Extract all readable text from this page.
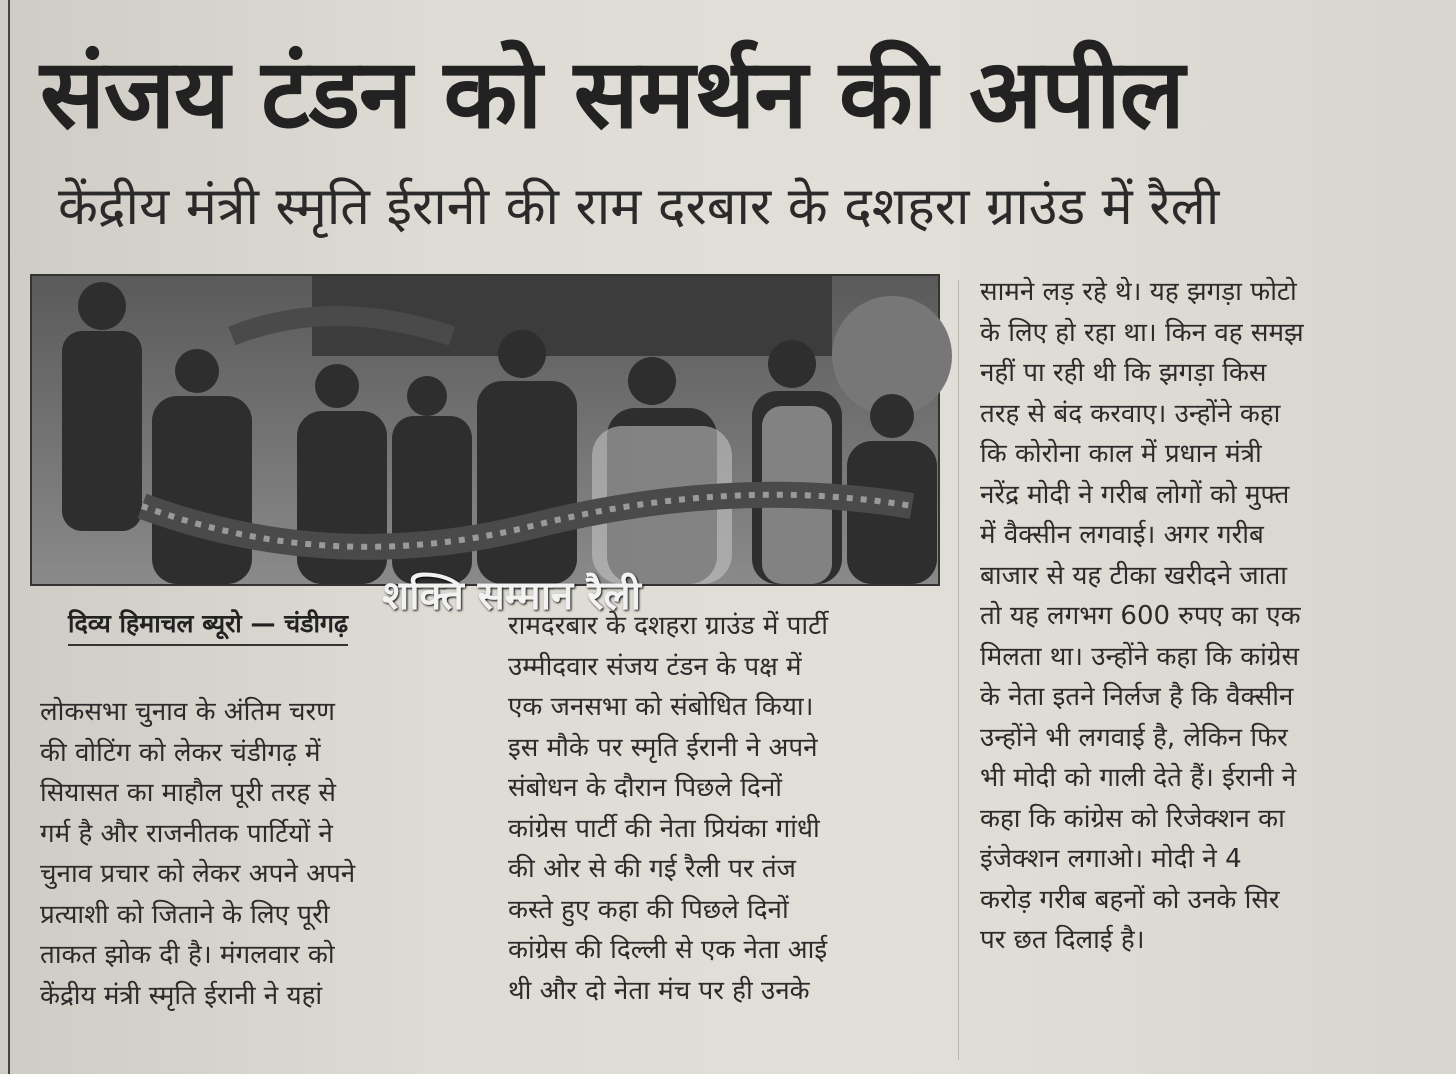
संजय टंडन को समर्थन की अपील
केंद्रीय मंत्री स्मृति ईरानी की राम दरबार के दशहरा ग्राउंड में रैली
शक्ति सम्मान रैली
दिव्य हिमाचल ब्यूरो — चंडीगढ़

लोकसभा चुनाव के अंतिम चरण

की वोटिंग को लेकर चंडीगढ़ में

सियासत का माहौल पूरी तरह से

गर्म है और राजनीतक पार्टियों ने

चुनाव प्रचार को लेकर अपने अपने

प्रत्याशी को जिताने के लिए पूरी

ताकत झोक दी है। मंगलवार को

केंद्रीय मंत्री स्मृति ईरानी ने यहां

रामदरबार के दशहरा ग्राउंड में पार्टी

उम्मीदवार संजय टंडन के पक्ष में

एक जनसभा को संबोधित किया।

इस मौके पर स्मृति ईरानी ने अपने

संबोधन के दौरान पिछले दिनों

कांग्रेस पार्टी की नेता प्रियंका गांधी

की ओर से की गई रैली पर तंज

कस्ते हुए कहा की पिछले दिनों

कांग्रेस की दिल्ली से एक नेता आई

थी और दो नेता मंच पर ही उनके

सामने लड़ रहे थे। यह झगड़ा फोटो

के लिए हो रहा था। किन वह समझ

नहीं पा रही थी कि झगड़ा किस

तरह से बंद करवाए। उन्होंने कहा

कि कोरोना काल में प्रधान मंत्री

नरेंद्र मोदी ने गरीब लोगों को मुफ्त

में वैक्सीन लगवाई। अगर गरीब

बाजार से यह टीका खरीदने जाता

तो यह लगभग 600 रुपए का एक

मिलता था। उन्होंने कहा कि कांग्रेस

के नेता इतने निर्लज है कि वैक्सीन

उन्होंने भी लगवाई है, लेकिन फिर

भी मोदी को गाली देते हैं। ईरानी ने

कहा कि कांग्रेस को रिजेक्शन का

इंजेक्शन लगाओ। मोदी ने 4

करोड़ गरीब बहनों को उनके सिर

पर छत दिलाई है।
